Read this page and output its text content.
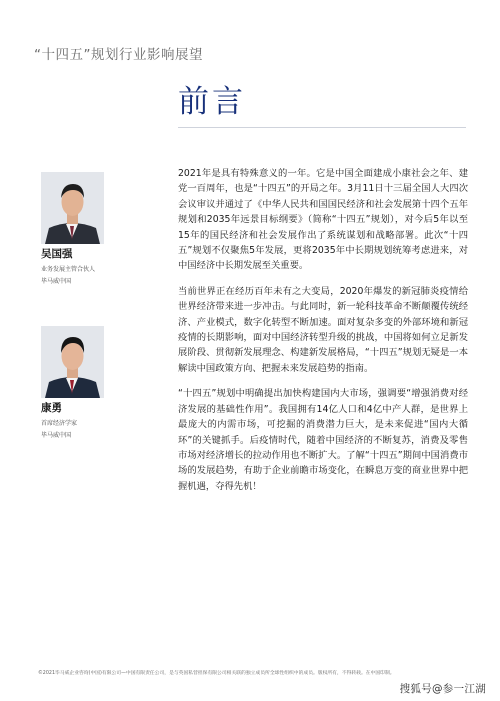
“十四五”规划行业影响展望
前言
吴国强
业务发展主管合伙人
毕马威中国
康勇
首席经济学家
毕马威中国

2021年是具有特殊意义的一年。它是中国全面建成小康社会之年、建党一百周年，也是“十四五”的开局之年。3月11日十三届全国人大四次会议审议并通过了《中华人民共和国国民经济和社会发展第十四个五年规划和2035年远景目标纲要》（简称“十四五”规划），对今后5年以至15年的国民经济和社会发展作出了系统谋划和战略部署。此次“十四五”规划不仅聚焦5年发展，更将2035年中长期规划统筹考虑进来，对中国经济中长期发展至关重要。

当前世界正在经历百年未有之大变局，2020年爆发的新冠肺炎疫情给世界经济带来进一步冲击。与此同时，新一轮科技革命不断颠覆传统经济、产业模式，数字化转型不断加速。面对复杂多变的外部环境和新冠疫情的长期影响，面对中国经济转型升级的挑战，中国将如何立足新发展阶段、贯彻新发展理念、构建新发展格局，“十四五”规划无疑是一本解读中国政策方向、把握未来发展趋势的指南。

“十四五”规划中明确提出加快构建国内大市场，强调要“增强消费对经济发展的基础性作用”。我国拥有14亿人口和4亿中产人群，是世界上最庞大的内需市场，可挖掘的消费潜力巨大，是未来促进“国内大循环”的关键抓手。后疫情时代，随着中国经济的不断复苏，消费及零售市场对经济增长的拉动作用也不断扩大。了解“十四五”期间中国消费市场的发展趋势，有助于企业前瞻市场变化，在瞬息万变的商业世界中把握机遇，夺得先机！

©2021毕马威企业咨询(中国)有限公司—中国有限责任公司，是与英国私营担保有限公司相关联的独立成员所全球性组织中的成员。版权所有，不得转载。在中国印制。
搜狐号@参一江湖
